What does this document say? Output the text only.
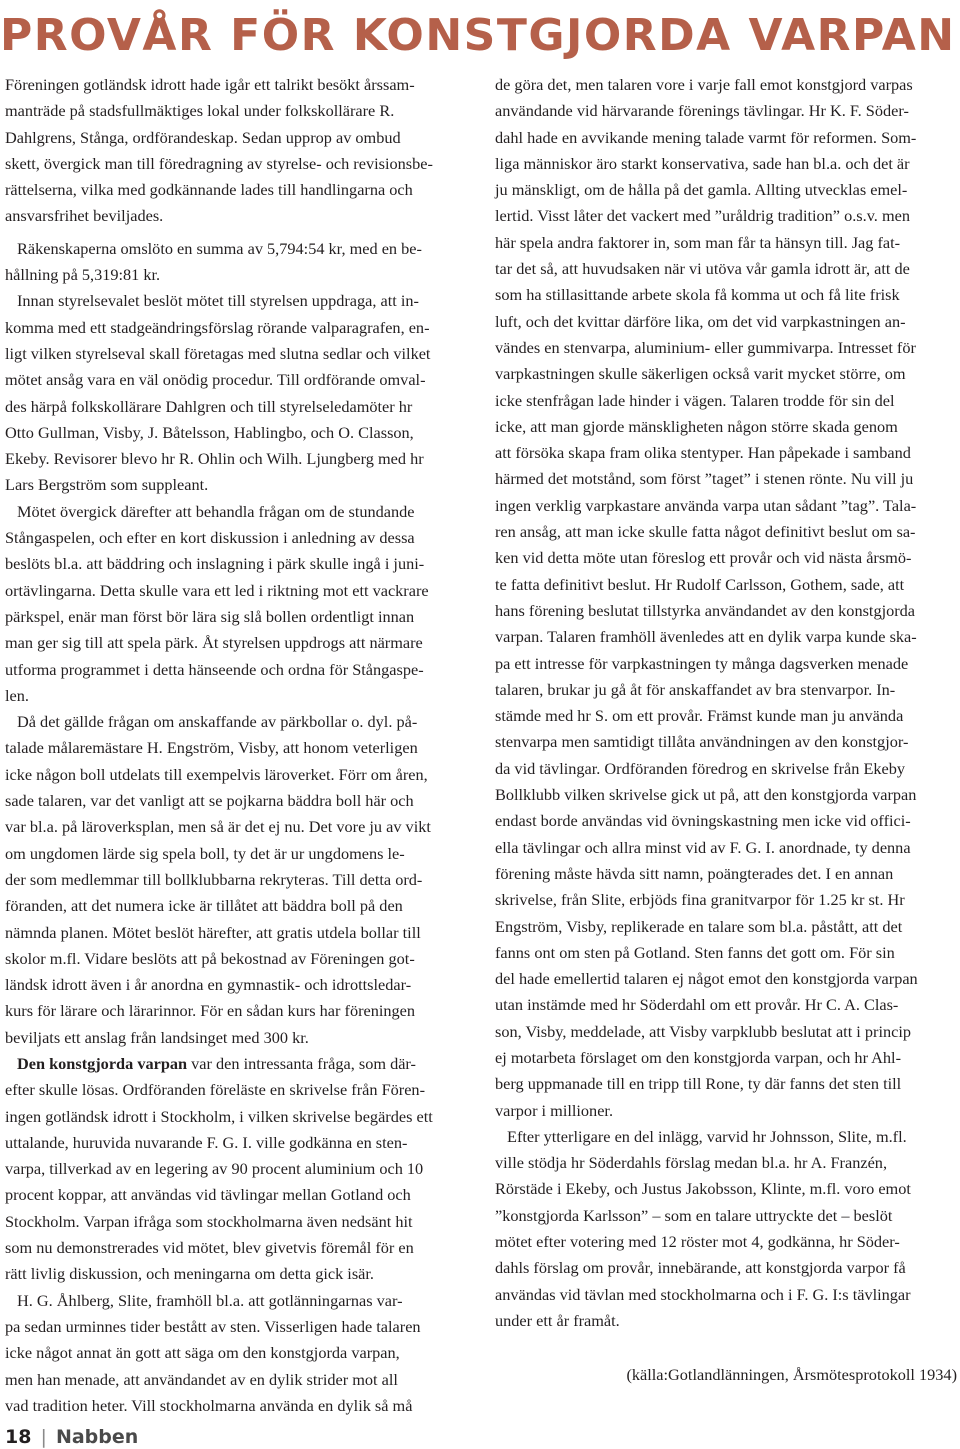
PROVÅR FÖR KONSTGJORDA VARPAN
Föreningen gotländsk idrott hade igår ett talrikt besökt årssam-
manträde på stadsfullmäktiges lokal under folkskollärare R.
Dahlgrens, Stånga, ordförandeskap. Sedan upprop av ombud
skett, övergick man till föredragning av styrelse- och revisionsbe-
rättelserna, vilka med godkännande lades till handlingarna och
ansvarsfrihet beviljades.
Räkenskaperna omslöto en summa av 5,794:54 kr, med en be-
hållning på 5,319:81 kr.
Innan styrelsevalet beslöt mötet till styrelsen uppdraga, att in-
komma med ett stadgeändringsförslag rörande valparagrafen, en-
ligt vilken styrelseval skall företagas med slutna sedlar och vilket
mötet ansåg vara en väl onödig procedur. Till ordförande omval-
des härpå folkskollärare Dahlgren och till styrelseledamöter hr
Otto Gullman, Visby, J. Båtelsson, Hablingbo, och O. Classon,
Ekeby. Revisorer blevo hr R. Ohlin och Wilh. Ljungberg med hr
Lars Bergström som suppleant.
Mötet övergick därefter att behandla frågan om de stundande
Stångaspelen, och efter en kort diskussion i anledning av dessa
beslöts bl.a. att bäddring och inslagning i pärk skulle ingå i juni-
ortävlingarna. Detta skulle vara ett led i riktning mot ett vackrare
pärkspel, enär man först bör lära sig slå bollen ordentligt innan
man ger sig till att spela pärk. Åt styrelsen uppdrogs att närmare
utforma programmet i detta hänseende och ordna för Stångaspe-
len.
Då det gällde frågan om anskaffande av pärkbollar o. dyl. på-
talade målaremästare H. Engström, Visby, att honom veterligen
icke någon boll utdelats till exempelvis läroverket. Förr om åren,
sade talaren, var det vanligt att se pojkarna bäddra boll här och
var bl.a. på läroverksplan, men så är det ej nu. Det vore ju av vikt
om ungdomen lärde sig spela boll, ty det är ur ungdomens le-
der som medlemmar till bollklubbarna rekryteras. Till detta ord-
föranden, att det numera icke är tillåtet att bäddra boll på den
nämnda planen. Mötet beslöt härefter, att gratis utdela bollar till
skolor m.fl. Vidare beslöts att på bekostnad av Föreningen got-
ländsk idrott även i år anordna en gymnastik- och idrottsledar-
kurs för lärare och lärarinnor. För en sådan kurs har föreningen
beviljats ett anslag från landsinget med 300 kr.
Den konstgjorda varpan var den intressanta fråga, som där-
efter skulle lösas. Ordföranden föreläste en skrivelse från Fören-
ingen gotländsk idrott i Stockholm, i vilken skrivelse begärdes ett
uttalande, huruvida nuvarande F. G. I. ville godkänna en sten-
varpa, tillverkad av en legering av 90 procent aluminium och 10
procent koppar, att användas vid tävlingar mellan Gotland och
Stockholm. Varpan ifråga som stockholmarna även nedsänt hit
som nu demonstrerades vid mötet, blev givetvis föremål för en
rätt livlig diskussion, och meningarna om detta gick isär.
H. G. Åhlberg, Slite, framhöll bl.a. att gotlänningarnas var-
pa sedan urminnes tider bestått av sten. Visserligen hade talaren
icke något annat än gott att säga om den konstgjorda varpan,
men han menade, att användandet av en dylik strider mot all
vad tradition heter. Vill stockholmarna använda en dylik så må
de göra det, men talaren vore i varje fall emot konstgjord varpas
användande vid härvarande förenings tävlingar. Hr K. F. Söder-
dahl hade en avvikande mening talade varmt för reformen. Som-
liga människor äro starkt konservativa, sade han bl.a. och det är
ju mänskligt, om de hålla på det gamla. Allting utvecklas emel-
lertid. Visst låter det vackert med ”uråldrig tradition” o.s.v. men
här spela andra faktorer in, som man får ta hänsyn till. Jag fat-
tar det så, att huvudsaken när vi utöva vår gamla idrott är, att de
som ha stillasittande arbete skola få komma ut och få lite frisk
luft, och det kvittar därföre lika, om det vid varpkastningen an-
vändes en stenvarpa, aluminium- eller gummivarpa. Intresset för
varpkastningen skulle säkerligen också varit mycket större, om
icke stenfrågan lade hinder i vägen. Talaren trodde för sin del
icke, att man gjorde mänskligheten någon större skada genom
att försöka skapa fram olika stentyper. Han påpekade i samband
härmed det motstånd, som först ”taget” i stenen rönte. Nu vill ju
ingen verklig varpkastare använda varpa utan sådant ”tag”. Tala-
ren ansåg, att man icke skulle fatta något definitivt beslut om sa-
ken vid detta möte utan föreslog ett provår och vid nästa årsmö-
te fatta definitivt beslut. Hr Rudolf Carlsson, Gothem, sade, att
hans förening beslutat tillstyrka användandet av den konstgjorda
varpan. Talaren framhöll ävenledes att en dylik varpa kunde ska-
pa ett intresse för varpkastningen ty många dagsverken menade
talaren, brukar ju gå åt för anskaffandet av bra stenvarpor. In-
stämde med hr S. om ett provår. Främst kunde man ju använda
stenvarpa men samtidigt tillåta användningen av den konstgjor-
da vid tävlingar. Ordföranden föredrog en skrivelse från Ekeby
Bollklubb vilken skrivelse gick ut på, att den konstgjorda varpan
endast borde användas vid övningskastning men icke vid offici-
ella tävlingar och allra minst vid av F. G. I. anordnade, ty denna
förening måste hävda sitt namn, poängterades det. I en annan
skrivelse, från Slite, erbjöds fina granitvarpor för 1.25 kr st. Hr
Engström, Visby, replikerade en talare som bl.a. påstått, att det
fanns ont om sten på Gotland. Sten fanns det gott om. För sin
del hade emellertid talaren ej något emot den konstgjorda varpan
utan instämde med hr Söderdahl om ett provår. Hr C. A. Clas-
son, Visby, meddelade, att Visby varpklubb beslutat att i princip
ej motarbeta förslaget om den konstgjorda varpan, och hr Ahl-
berg uppmanade till en tripp till Rone, ty där fanns det sten till
varpor i millioner.
Efter ytterligare en del inlägg, varvid hr Johnsson, Slite, m.fl.
ville stödja hr Söderdahls förslag medan bl.a. hr A. Franzén,
Rörstäde i Ekeby, och Justus Jakobsson, Klinte, m.fl. voro emot
”konstgjorda Karlsson” – som en talare uttryckte det – beslöt
mötet efter votering med 12 röster mot 4, godkänna, hr Söder-
dahls förslag om provår, innebärande, att konstgjorda varpor få
användas vid tävlan med stockholmarna och i F. G. I:s tävlingar
under ett år framåt.
(källa:Gotlandlänningen, Årsmötesprotokoll 1934)
18 | Nabben
